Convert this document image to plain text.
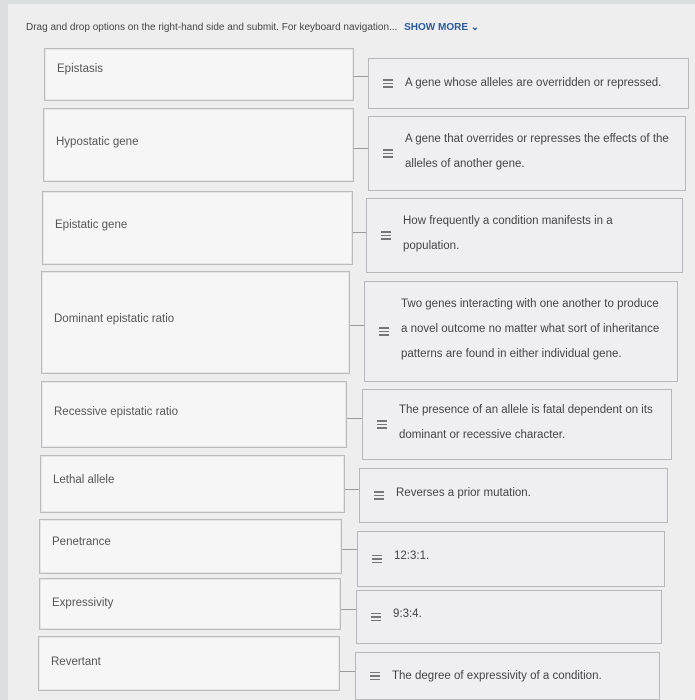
Drag and drop options on the right-hand side and submit. For keyboard navigation... SHOW MORE ⌄
Epistasis
Hypostatic gene
Epistatic gene
Dominant epistatic ratio
Recessive epistatic ratio
Lethal allele
Penetrance
Expressivity
Revertant
A gene whose alleles are overridden or repressed.
A gene that overrides or represses the effects of the
alleles of another gene.
How frequently a condition manifests in a
population.
Two genes interacting with one another to produce
a novel outcome no matter what sort of inheritance
patterns are found in either individual gene.
The presence of an allele is fatal dependent on its
dominant or recessive character.
Reverses a prior mutation.
12:3:1.
9:3:4.
The degree of expressivity of a condition.
